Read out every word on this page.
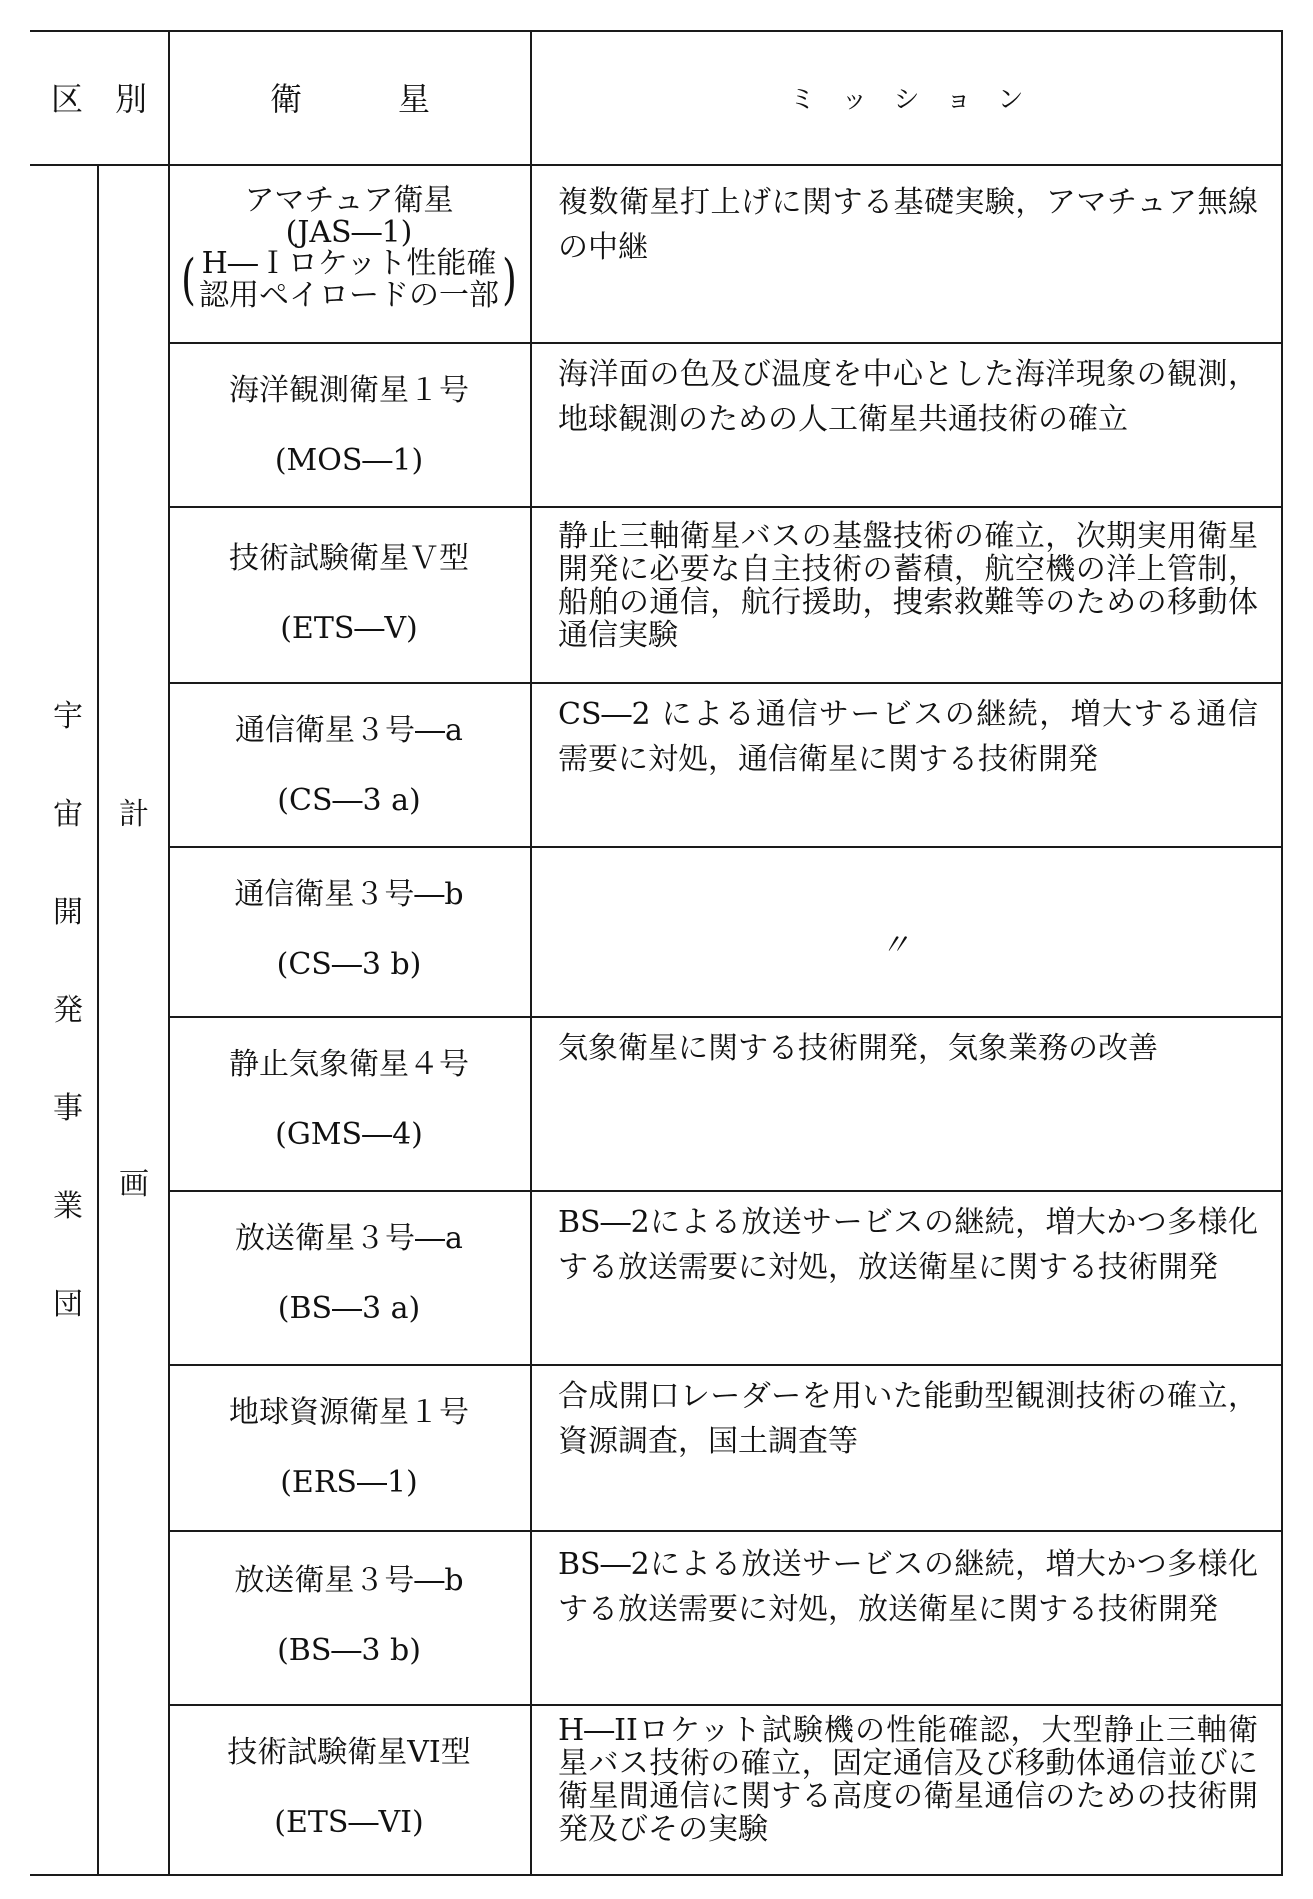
区　別	衛　　　星	ミ　ッ　シ　ョ　ン
宇
宙
開
発
事
業
団
計
画
アマチュア衛星
(JAS―1)
( H―Ｉロケット性能確
認用ペイロードの一部 )
複数衛星打上げに関する基礎実験，アマチュア無線の中継
海洋観測衛星１号
(MOS―1)
海洋面の色及び温度を中心とした海洋現象の観測，地球観測のための人工衛星共通技術の確立
技術試験衛星Ｖ型
(ETS―V)
静止三軸衛星バスの基盤技術の確立，次期実用衛星開発に必要な自主技術の蓄積，航空機の洋上管制，船舶の通信，航行援助，捜索救難等のための移動体通信実験
通信衛星３号―a
(CS―3 a)
CS―2 による通信サービスの継続，増大する通信需要に対処，通信衛星に関する技術開発
通信衛星３号―b
(CS―3 b)
〃
静止気象衛星４号
(GMS―4)
気象衛星に関する技術開発，気象業務の改善
放送衛星３号―a
(BS―3 a)
BS―2による放送サービスの継続，増大かつ多様化する放送需要に対処，放送衛星に関する技術開発
地球資源衛星１号
(ERS―1)
合成開口レーダーを用いた能動型観測技術の確立，資源調査，国土調査等
放送衛星３号―b
(BS―3 b)
BS―2による放送サービスの継続，増大かつ多様化する放送需要に対処，放送衛星に関する技術開発
技術試験衛星VI型
(ETS―VI)
H―IIロケット試験機の性能確認，大型静止三軸衛星バス技術の確立，固定通信及び移動体通信並びに衛星間通信に関する高度の衛星通信のための技術開発及びその実験
